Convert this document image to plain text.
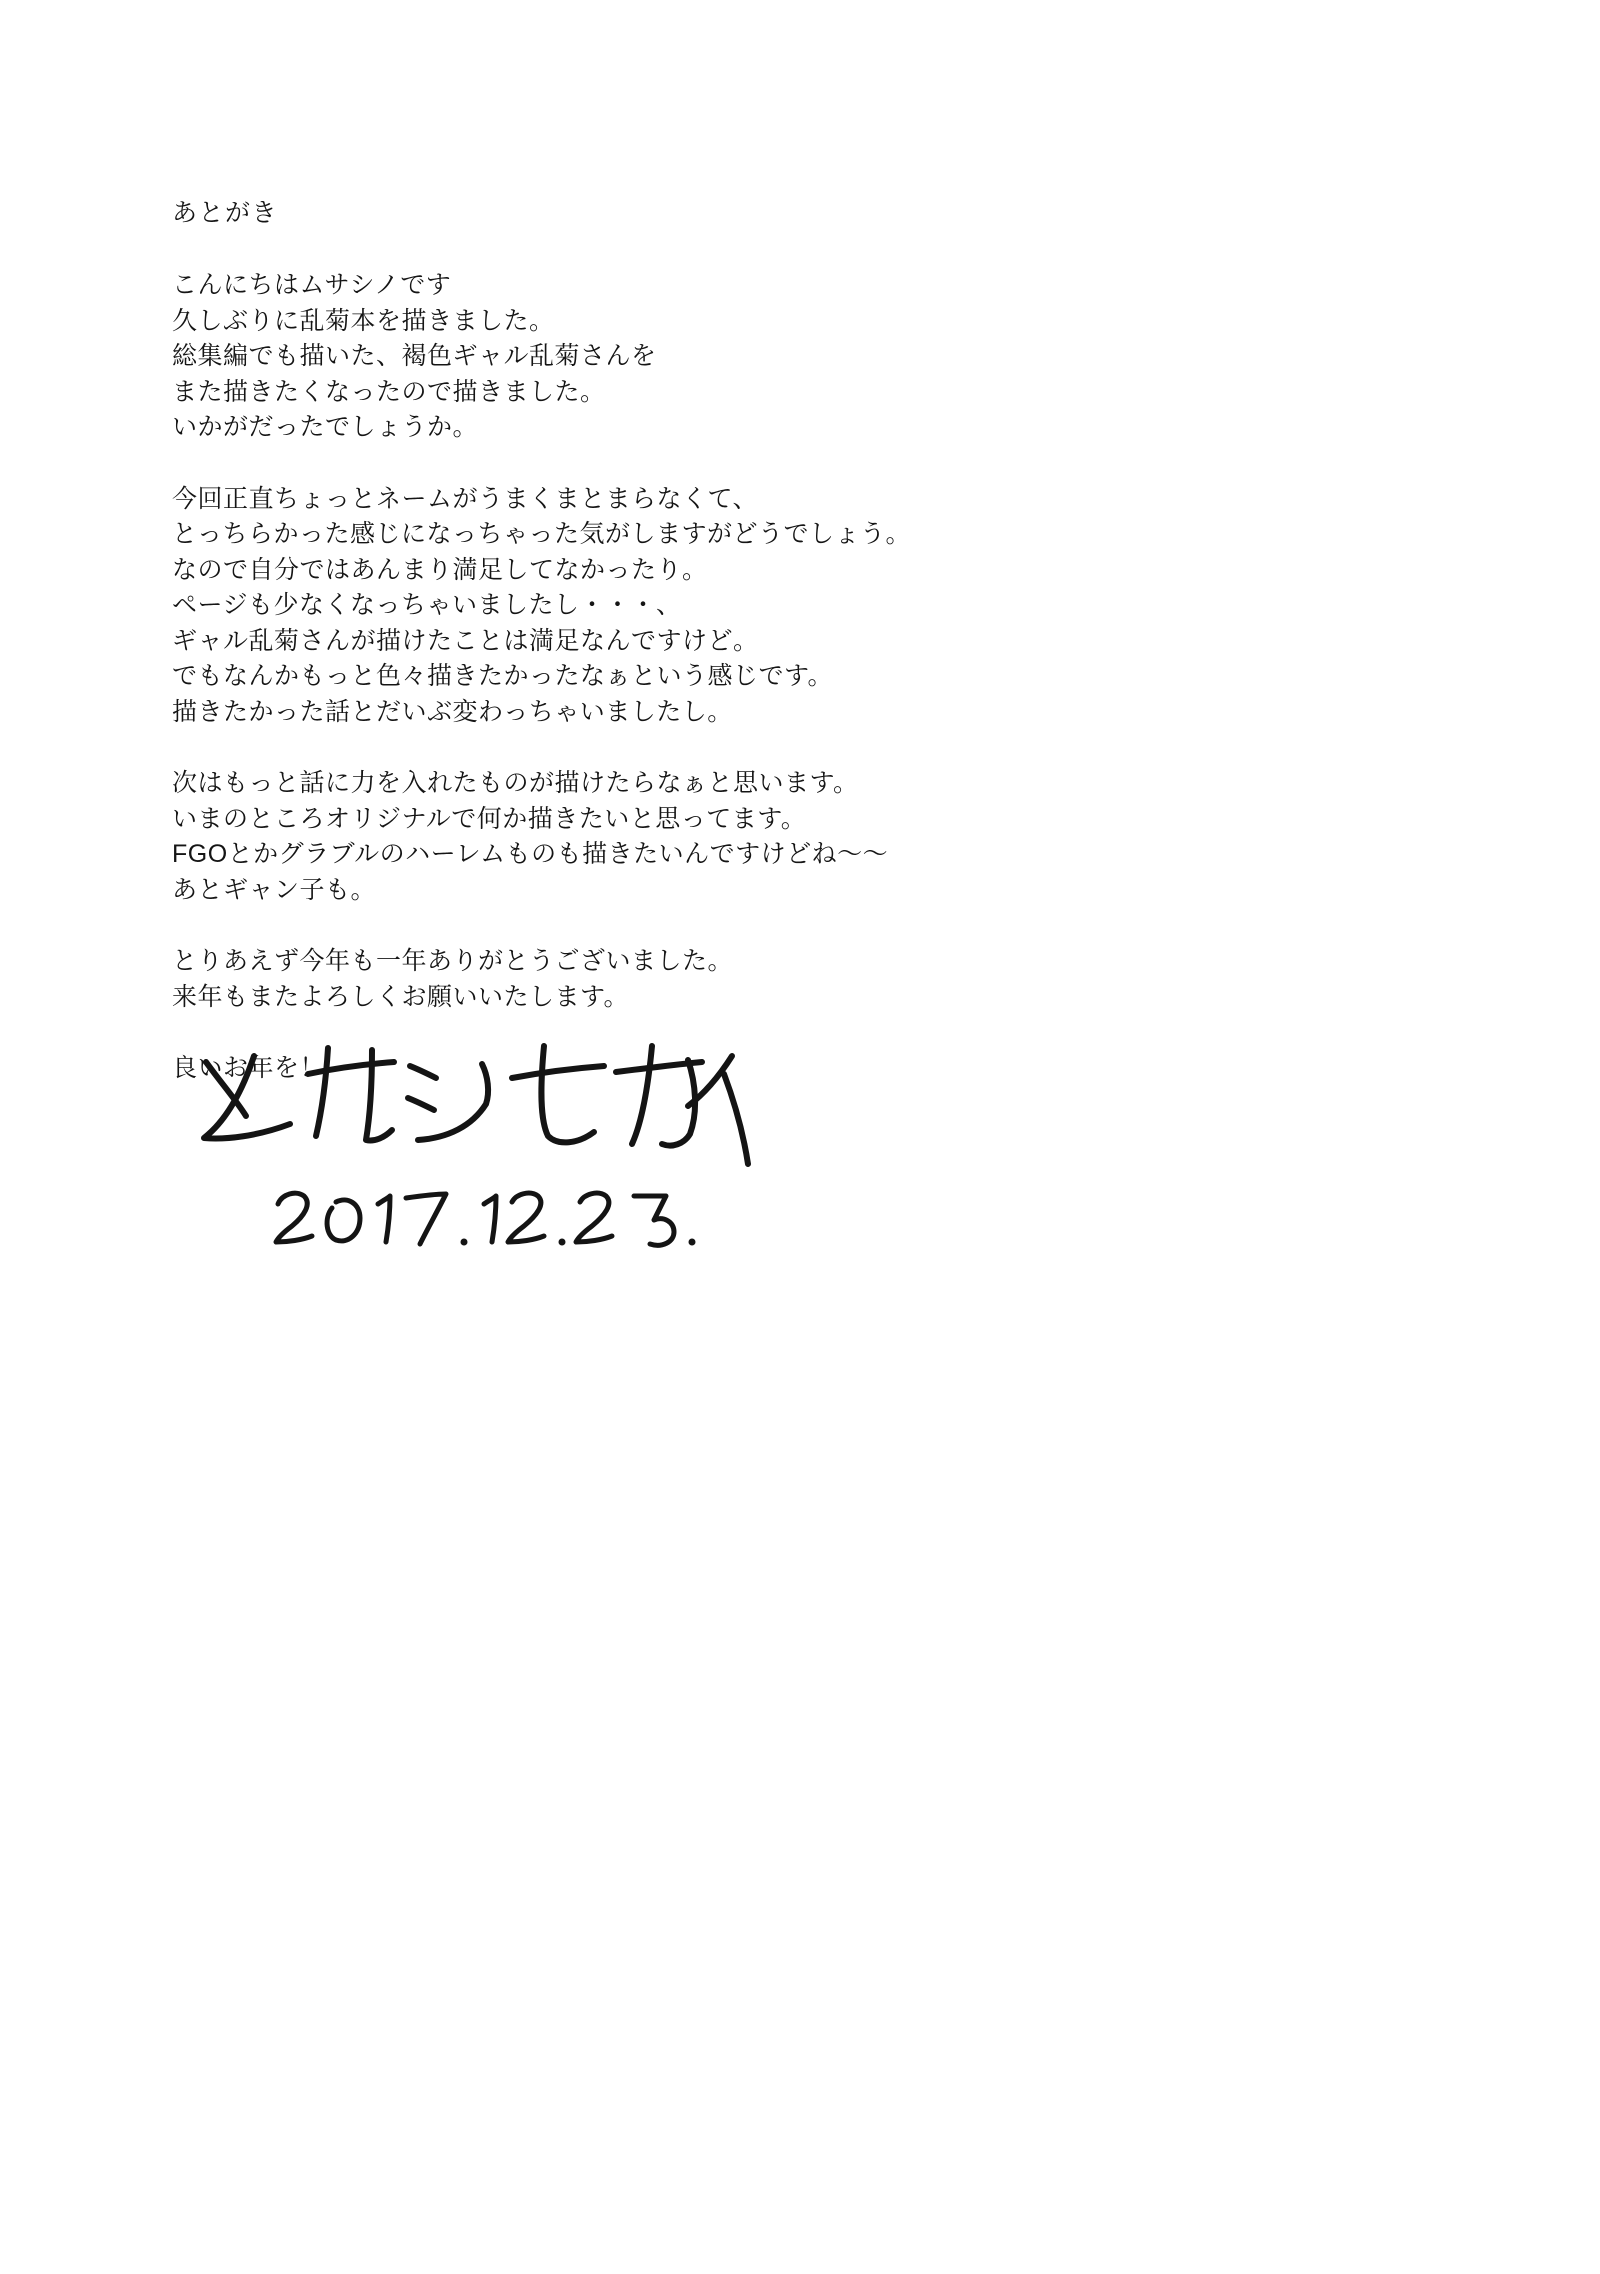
あとがき
こんにちはムサシノです
久しぶりに乱菊本を描きました。
総集編でも描いた、褐色ギャル乱菊さんを
また描きたくなったので描きました。
いかがだったでしょうか。
今回正直ちょっとネームがうまくまとまらなくて、
とっちらかった感じになっちゃった気がしますがどうでしょう。
なので自分ではあんまり満足してなかったり。
ページも少なくなっちゃいましたし・・・、
ギャル乱菊さんが描けたことは満足なんですけど。
でもなんかもっと色々描きたかったなぁという感じです。
描きたかった話とだいぶ変わっちゃいましたし。
次はもっと話に力を入れたものが描けたらなぁと思います。
いまのところオリジナルで何か描きたいと思ってます。
FGOとかグラブルのハーレムものも描きたいんですけどね〜〜
あとギャン子も。
とりあえず今年も一年ありがとうございました。
来年もまたよろしくお願いいたします。
良いお年を！
